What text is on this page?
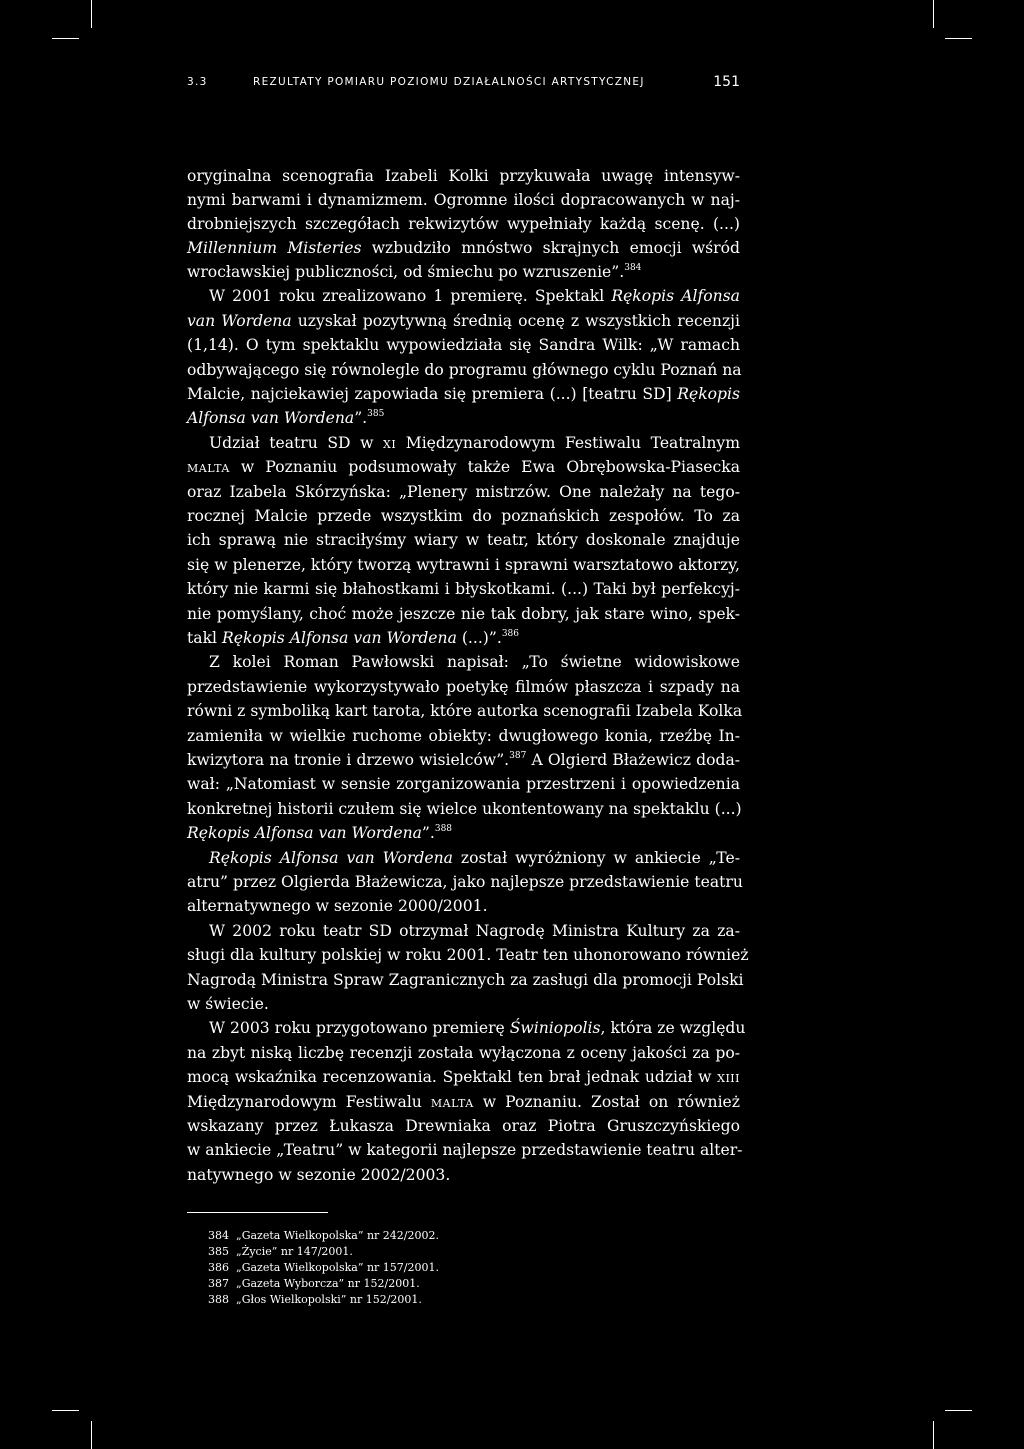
3.3	REZULTATY POMIARU POZIOMU DZIAŁALNOŚCI ARTYSTYCZNEJ	151
oryginalna scenografia Izabeli Kolki przykuwała uwagę intensyw-
nymi barwami i dynamizmem. Ogromne ilości dopracowanych w naj-
drobniejszych szczegółach rekwizytów wypełniały każdą scenę. (...)
Millennium Misteries wzbudziło mnóstwo skrajnych emocji wśród
wrocławskiej publiczności, od śmiechu po wzruszenie”.$^{384}$
W 2001 roku zrealizowano 1 premierę. Spektakl Rękopis Alfonsa
van Wordena uzyskał pozytywną średnią ocenę z wszystkich recenzji
(1,14). O tym spektaklu wypowiedziała się Sandra Wilk: „W ramach
odbywającego się równolegle do programu głównego cyklu Poznań na
Malcie, najciekawiej zapowiada się premiera (...) [teatru SD] Rękopis
Alfonsa van Wordena”.$^{385}$
Udział teatru SD w xi Międzynarodowym Festiwalu Teatralnym
malta w Poznaniu podsumowały także Ewa Obrębowska-Piasecka
oraz Izabela Skórzyńska: „Plenery mistrzów. One należały na tego-
rocznej Malcie przede wszystkim do poznańskich zespołów. To za
ich sprawą nie straciłyśmy wiary w teatr, który doskonale znajduje
się w plenerze, który tworzą wytrawni i sprawni warsztatowo aktorzy,
który nie karmi się błahostkami i błyskotkami. (...) Taki był perfekcyj-
nie pomyślany, choć może jeszcze nie tak dobry, jak stare wino, spek-
takl Rękopis Alfonsa van Wordena (...)”.$^{386}$
Z kolei Roman Pawłowski napisał: „To świetne widowiskowe
przedstawienie wykorzystywało poetykę filmów płaszcza i szpady na
równi z symboliką kart tarota, które autorka scenografii Izabela Kolka
zamieniła w wielkie ruchome obiekty: dwugłowego konia, rzeźbę In-
kwizytora na tronie i drzewo wisielców”.$^{387}$ A Olgierd Błażewicz doda-
wał: „Natomiast w sensie zorganizowania przestrzeni i opowiedzenia
konkretnej historii czułem się wielce ukontentowany na spektaklu (...)
Rękopis Alfonsa van Wordena”.$^{388}$
Rękopis Alfonsa van Wordena został wyróżniony w ankiecie „Te-
atru” przez Olgierda Błażewicza, jako najlepsze przedstawienie teatru
alternatywnego w sezonie 2000/2001.
W 2002 roku teatr SD otrzymał Nagrodę Ministra Kultury za za-
sługi dla kultury polskiej w roku 2001. Teatr ten uhonorowano również
Nagrodą Ministra Spraw Zagranicznych za zasługi dla promocji Polski
w świecie.
W 2003 roku przygotowano premierę Świniopolis, która ze względu
na zbyt niską liczbę recenzji została wyłączona z oceny jakości za po-
mocą wskaźnika recenzowania. Spektakl ten brał jednak udział w xiii
Międzynarodowym Festiwalu malta w Poznaniu. Został on również
wskazany przez Łukasza Drewniaka oraz Piotra Gruszczyńskiego
w ankiecie „Teatru” w kategorii najlepsze przedstawienie teatru alter-
natywnego w sezonie 2002/2003.
384 „Gazeta Wielkopolska” nr 242/2002.
385 „Życie” nr 147/2001.
386 „Gazeta Wielkopolska” nr 157/2001.
387 „Gazeta Wyborcza” nr 152/2001.
388 „Głos Wielkopolski” nr 152/2001.
